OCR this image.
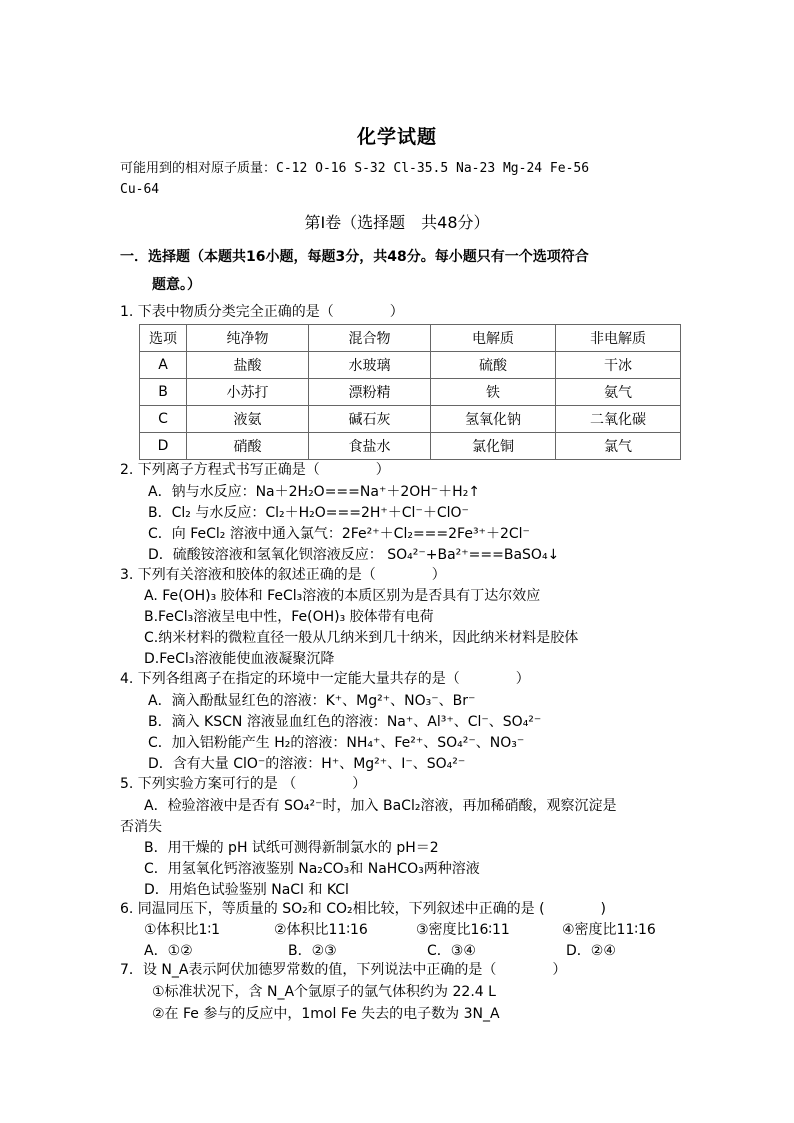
化学试题
可能用到的相对原子质量：C-12 O-16 S-32 Cl-35.5 Na-23 Mg-24 Fe-56
Cu-64
第Ⅰ卷（选择题　共48分）
一．选择题（本题共16小题，每题3分，共48分。每小题只有一个选项符合
题意。）
1. 下表中物质分类完全正确的是（　　　　）
选项	纯净物	混合物	电解质	非电解质
A	盐酸	水玻璃	硫酸	干冰
B	小苏打	漂粉精	铁	氨气
C	液氨	碱石灰	氢氧化钠	二氧化碳
D	硝酸	食盐水	氯化铜	氯气
2. 下列离子方程式书写正确是（　　　　）
A．钠与水反应：Na＋2H₂O===Na⁺＋2OH⁻＋H₂↑
B．Cl₂ 与水反应：Cl₂＋H₂O===2H⁺＋Cl⁻＋ClO⁻
C．向 FeCl₂ 溶液中通入氯气：2Fe²⁺＋Cl₂===2Fe³⁺＋2Cl⁻
D．硫酸铵溶液和氢氧化钡溶液反应： SO₄²⁻+Ba²⁺===BaSO₄↓
3. 下列有关溶液和胶体的叙述正确的是（　　　　）
A. Fe(OH)₃ 胶体和 FeCl₃溶液的本质区别为是否具有丁达尔效应
B.FeCl₃溶液呈电中性，Fe(OH)₃ 胶体带有电荷
C.纳米材料的微粒直径一般从几纳米到几十纳米，因此纳米材料是胶体
D.FeCl₃溶液能使血液凝聚沉降
4. 下列各组离子在指定的环境中一定能大量共存的是（　　　　）
A．滴入酚酞显红色的溶液：K⁺、Mg²⁺、NO₃⁻、Br⁻
B．滴入 KSCN 溶液显血红色的溶液：Na⁺、Al³⁺、Cl⁻、SO₄²⁻
C．加入铝粉能产生 H₂的溶液：NH₄⁺、Fe²⁺、SO₄²⁻、NO₃⁻
D．含有大量 ClO⁻的溶液：H⁺、Mg²⁺、I⁻、SO₄²⁻
5. 下列实验方案可行的是 （　　　　）
A．检验溶液中是否有 SO₄²⁻时，加入 BaCl₂溶液，再加稀硝酸，观察沉淀是
否消失
B．用干燥的 pH 试纸可测得新制氯水的 pH＝2
C．用氢氧化钙溶液鉴别 Na₂CO₃和 NaHCO₃两种溶液
D．用焰色试验鉴别 NaCl 和 KCl
6. 同温同压下，等质量的 SO₂和 CO₂相比较，下列叙述中正确的是 (　　　　)
①体积比1∶1	②体积比11∶16	③密度比16∶11	④密度比11∶16
A．①②	B．②③	C．③④	D．②④
7．设 N_A表示阿伏加德罗常数的值，下列说法中正确的是（　　　　）
①标准状况下，含 N_A个氩原子的氩气体积约为 22.4 L
②在 Fe 参与的反应中，1mol Fe 失去的电子数为 3N_A
